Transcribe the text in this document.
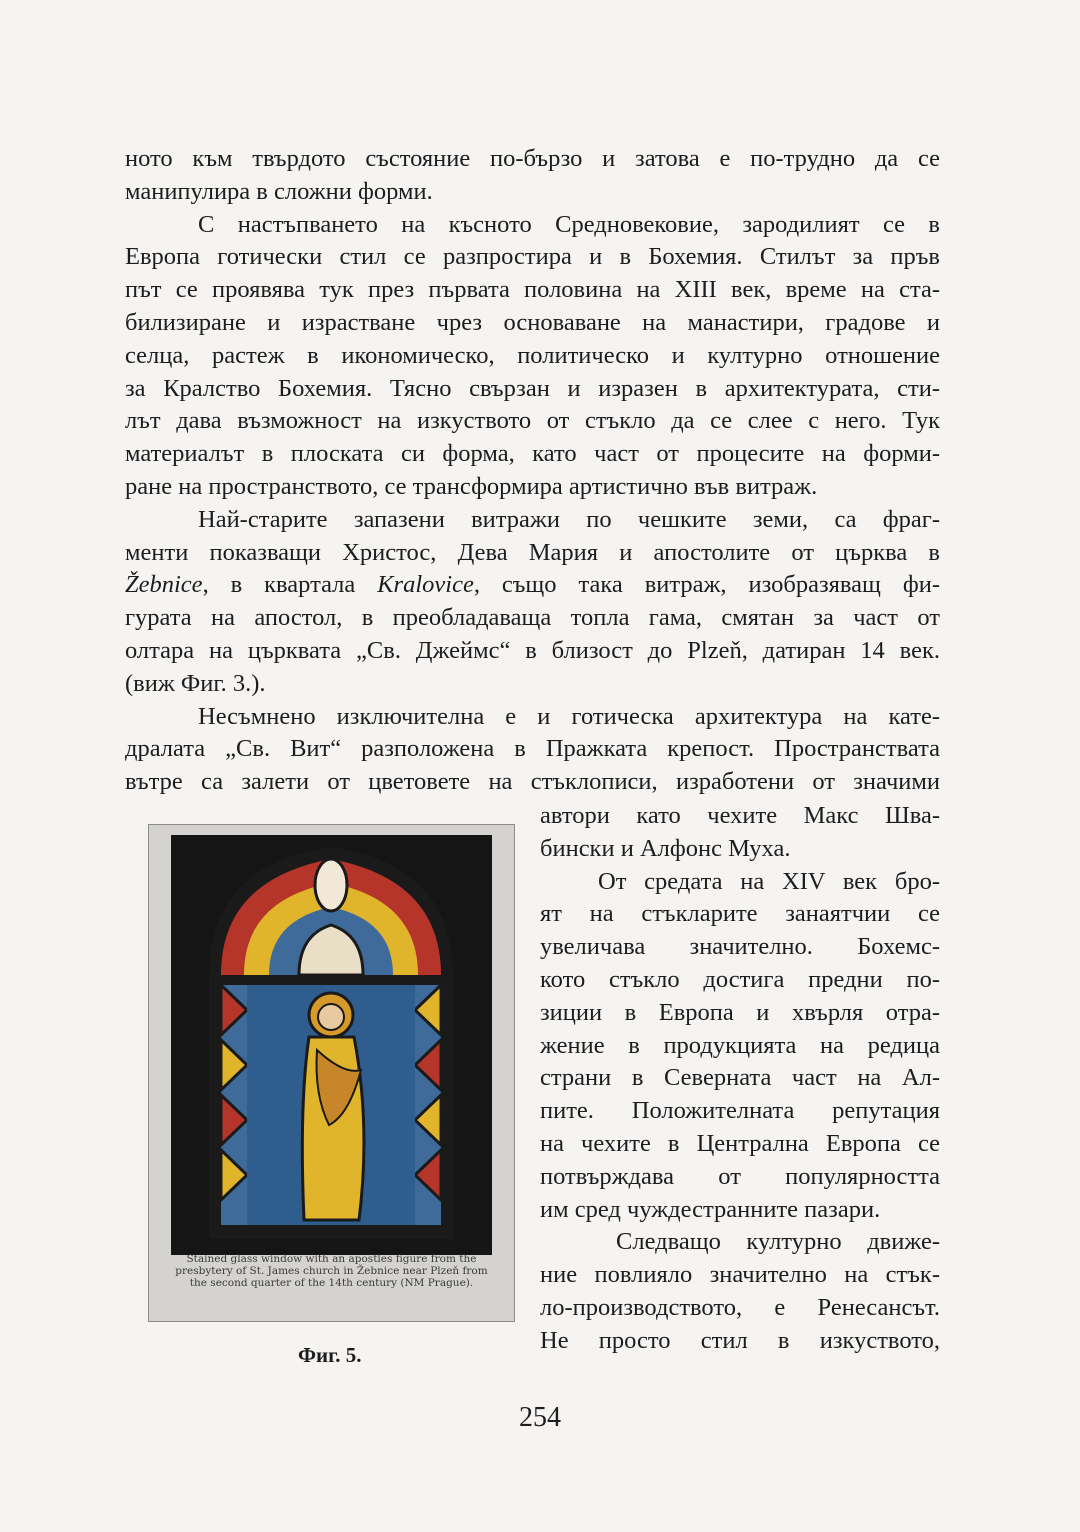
ното към твърдото състояние по-бързо и затова е по-трудно да се
манипулира в сложни форми.
С настъпването на късното Средновековие, зародилият се в
Европа готически стил се разпростира и в Бохемия. Стилът за пръв
път се проявява тук през първата половина на XIII век, време на ста-
билизиране и израстване чрез основаване на манастири, градове и
селца, растеж в икономическо, политическо и културно отношение
за Кралство Бохемия. Тясно свързан и изразен в архитектурата, сти-
лът дава възможност на изкуството от стъкло да се слее с него. Тук
материалът в плоската си форма, като част от процесите на форми-
ране на пространството, се трансформира артистично във витраж.
Най-старите запазени витражи по чешките земи, са фраг-
менти показващи Христос, Дева Мария и апостолите от църква в
Žebnice, в квартала Kralovice, също така витраж, изобразяващ фи-
гурата на апостол, в преобладаваща топла гама, смятан за част от
олтара на църквата „Св. Джеймс“ в близост до Plzeň, датиран 14 век.
(виж Фиг. 3.).
Несъмнено изключителна е и готическа архитектура на кате-
дралата „Св. Вит“ разположена в Пражката крепост. Пространствата
вътре са залети от цветовете на стъклописи, изработени от значими
автори като чехите Макс Шва-
бински и Алфонс Муха.
От средата на XIV век бро-
ят на стъкларите занаятчии се
увеличава значително. Бохемс-
кото стъкло достига предни по-
зиции в Европа и хвърля отра-
жение в продукцията на редица
страни в Северната част на Ал-
пите. Положителната репутация
на чехите в Централна Европа се
потвърждава от популярността
им сред чуждестранните пазари.
Следващо културно движе-
ние повлияло значително на стък-
ло-производството, е Ренесансът.
Не просто стил в изкуството,
Stained glass window with an apostles figure from the
presbytery of St. James church in Žebnice near Plzeň from
the second quarter of the 14th century (NM Prague).
Фиг. 5.
254
